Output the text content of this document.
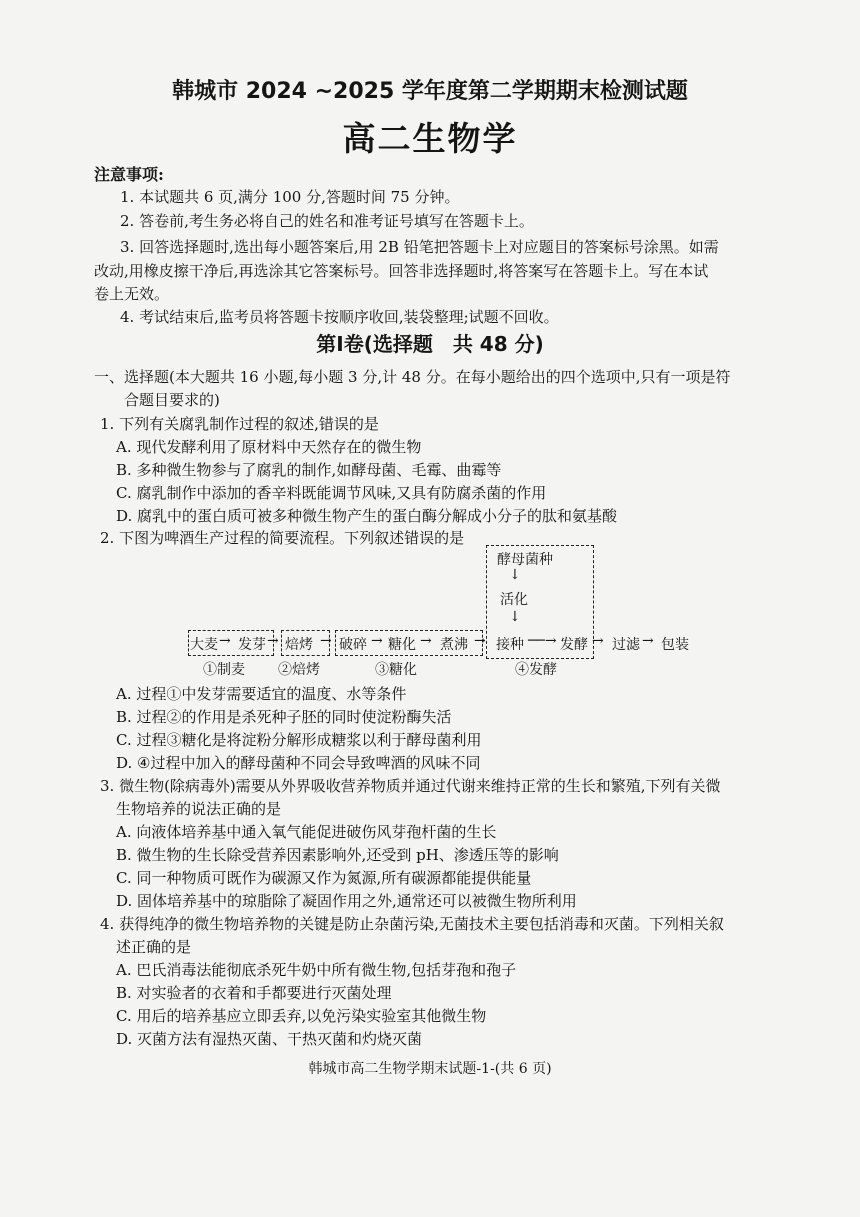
韩城市 2024 ~2025 学年度第二学期期末检测试题
高二生物学
注意事项:
1. 本试题共 6 页,满分 100 分,答题时间 75 分钟。
2. 答卷前,考生务必将自己的姓名和准考证号填写在答题卡上。
3. 回答选择题时,选出每小题答案后,用 2B 铅笔把答题卡上对应题目的答案标号涂黑。如需
改动,用橡皮擦干净后,再选涂其它答案标号。回答非选择题时,将答案写在答题卡上。写在本试
卷上无效。
4. 考试结束后,监考员将答题卡按顺序收回,装袋整理;试题不回收。
第Ⅰ卷(选择题　共 48 分)
一、选择题(本大题共 16 小题,每小题 3 分,计 48 分。在每小题给出的四个选项中,只有一项是符
合题目要求的)
1. 下列有关腐乳制作过程的叙述,错误的是
A. 现代发酵利用了原材料中天然存在的微生物
B. 多种微生物参与了腐乳的制作,如酵母菌、毛霉、曲霉等
C. 腐乳制作中添加的香辛料既能调节风味,又具有防腐杀菌的作用
D. 腐乳中的蛋白质可被多种微生物产生的蛋白酶分解成小分子的肽和氨基酸
2. 下图为啤酒生产过程的简要流程。下列叙述错误的是
酵母菌种
↓
活化
↓
大麦 → 发芽 → 焙烤 → 破碎 → 糖化 → 煮沸 → 接种 ──→ 发酵 → 过滤 → 包装
①制麦 ②焙烤	③糖化	④发酵
A. 过程①中发芽需要适宜的温度、水等条件
B. 过程②的作用是杀死种子胚的同时使淀粉酶失活
C. 过程③糖化是将淀粉分解形成糖浆以利于酵母菌利用
D. ④过程中加入的酵母菌种不同会导致啤酒的风味不同
3. 微生物(除病毒外)需要从外界吸收营养物质并通过代谢来维持正常的生长和繁殖,下列有关微
生物培养的说法正确的是
A. 向液体培养基中通入氧气能促进破伤风芽孢杆菌的生长
B. 微生物的生长除受营养因素影响外,还受到 pH、渗透压等的影响
C. 同一种物质可既作为碳源又作为氮源,所有碳源都能提供能量
D. 固体培养基中的琼脂除了凝固作用之外,通常还可以被微生物所利用
4. 获得纯净的微生物培养物的关键是防止杂菌污染,无菌技术主要包括消毒和灭菌。下列相关叙
述正确的是
A. 巴氏消毒法能彻底杀死牛奶中所有微生物,包括芽孢和孢子
B. 对实验者的衣着和手都要进行灭菌处理
C. 用后的培养基应立即丢弃,以免污染实验室其他微生物
D. 灭菌方法有湿热灭菌、干热灭菌和灼烧灭菌
韩城市高二生物学期末试题-1-(共 6 页)
